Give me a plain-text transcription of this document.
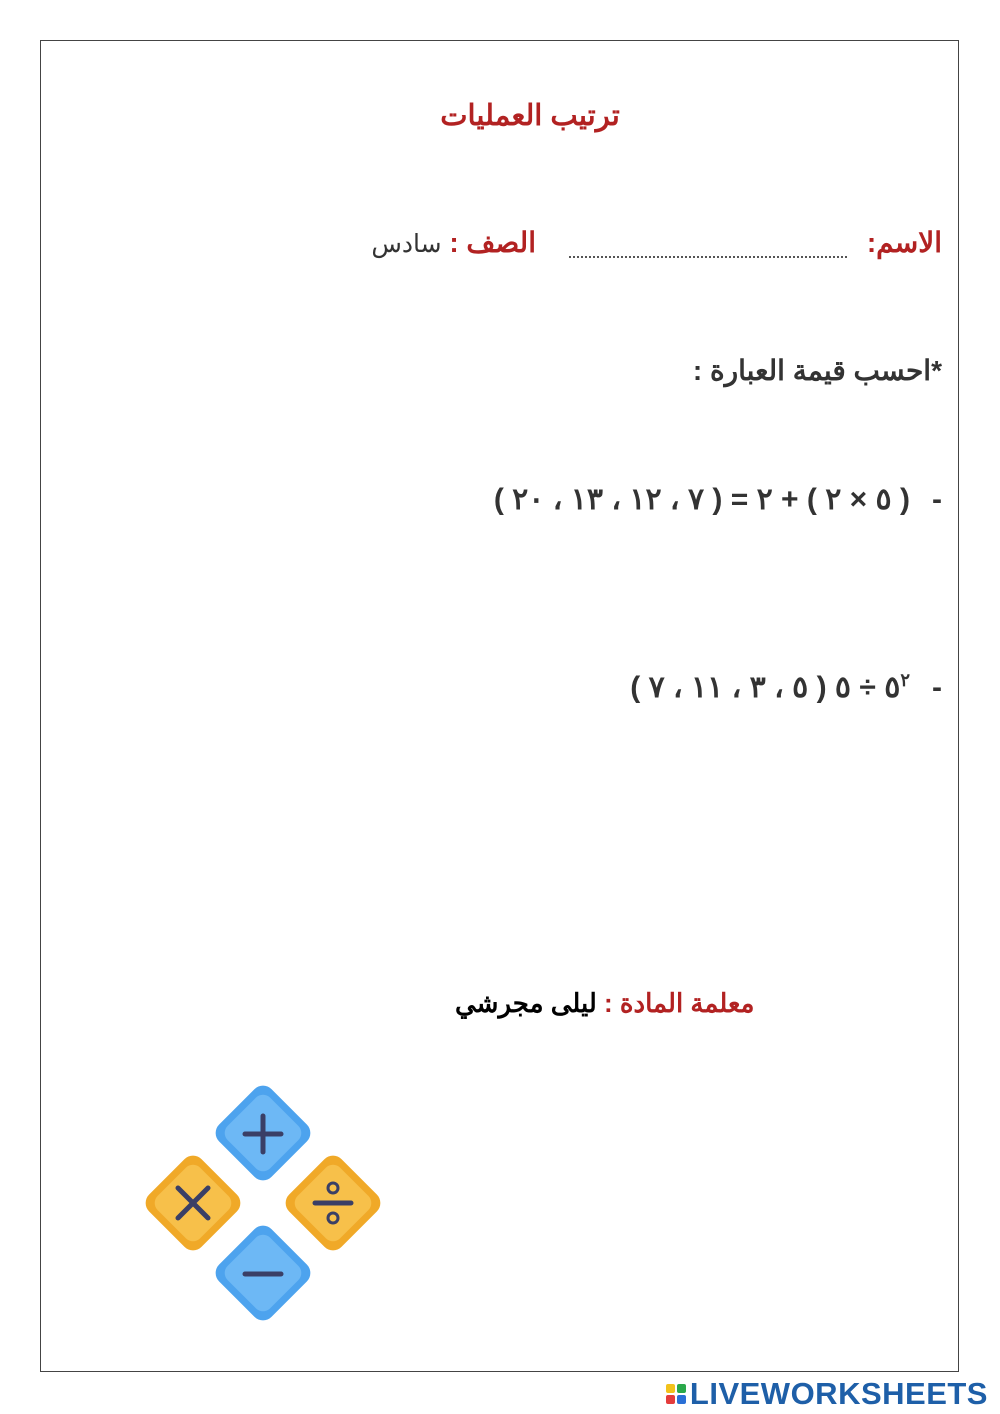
ترتيب العمليات
الاسم:
الصف : سادس
*احسب قيمة العبارة :
-( ٥ × ٢ ) + ٢ = ( ٧ ، ١٢ ، ١٣ ، ٢٠ )
$-٥^٢$ ÷ ٥ ( ٥ ، ٣ ، ١١ ، ٧ )
معلمة المادة : ليلى مجرشي
LIVEWORKSHEETS
